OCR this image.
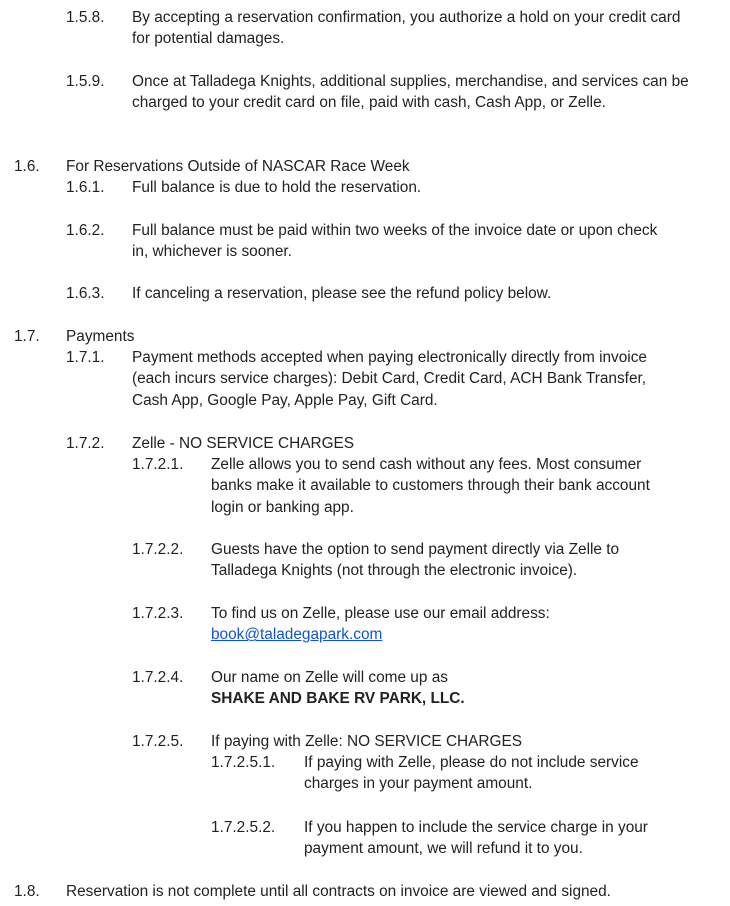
1.5.8. By accepting a reservation confirmation, you authorize a hold on your credit card for potential damages.
1.5.9. Once at Talladega Knights, additional supplies, merchandise, and services can be charged to your credit card on file, paid with cash, Cash App, or Zelle.
1.6. For Reservations Outside of NASCAR Race Week
1.6.1. Full balance is due to hold the reservation.
1.6.2. Full balance must be paid within two weeks of the invoice date or upon check in, whichever is sooner.
1.6.3. If canceling a reservation, please see the refund policy below.
1.7. Payments
1.7.1. Payment methods accepted when paying electronically directly from invoice (each incurs service charges): Debit Card, Credit Card, ACH Bank Transfer, Cash App, Google Pay, Apple Pay, Gift Card.
1.7.2. Zelle - NO SERVICE CHARGES
1.7.2.1. Zelle allows you to send cash without any fees. Most consumer banks make it available to customers through their bank account login or banking app.
1.7.2.2. Guests have the option to send payment directly via Zelle to Talladega Knights (not through the electronic invoice).
1.7.2.3. To find us on Zelle, please use our email address:
book@taladegapark.com
1.7.2.4. Our name on Zelle will come up as
SHAKE AND BAKE RV PARK, LLC.
1.7.2.5. If paying with Zelle: NO SERVICE CHARGES
1.7.2.5.1. If paying with Zelle, please do not include service charges in your payment amount.
1.7.2.5.2. If you happen to include the service charge in your payment amount, we will refund it to you.
1.8. Reservation is not complete until all contracts on invoice are viewed and signed.
